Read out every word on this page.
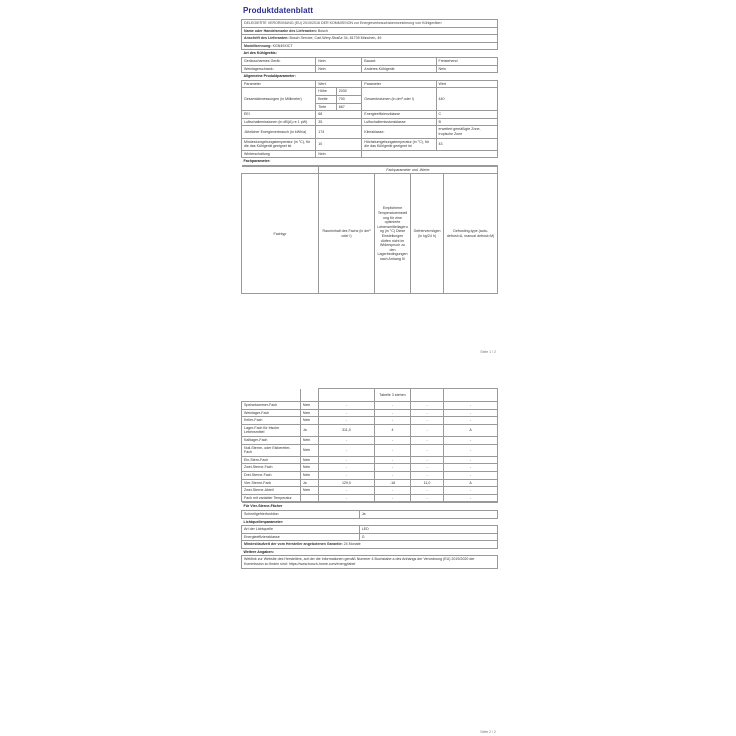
Produktdatenblatt
DELEGIERTE VERORDNUNG (EU) 2019/2016 DER KOMMISSION zur Energieverbrauchskennzeichnung von Kühlgeräten				
Name oder Handelsmarke des Lieferanten: Bosch				
Anschrift des Lieferanten: Bosch Service, Carl-Wery-Straße 34, 81739 München, 49				
Modellkennung: KGN49XICT				
Art des Kühlgeräts:				
Geräuscharmes Gerät:	Nein		Bauart:	Freistehend
Weinlagerschrank:	Nein		Anderes Kühlgerät:	Nein
Allgemeine Produktparameter:				
Parameter	Wert		Parameter	Wert
Gesamtabmessungen (in Millimeter)	Höhe	2030	Gesamtvolumen (in dm³ oder l)	440
	Breite	700		
	Tiefe	667		
EEI	68		Energieeffizienzklasse	C
Luftschallemissionen (in dB(A) re 1 pW)	35		Luftschallemissionsklasse	B
Jährlicher Energieverbrauch (in kWh/a)	174		Klimaklasse:	erweitert gemäßigte Zone, tropische Zone
Mindestumgebungstemperatur (in °C), für die das Kühlgerät geeignet ist	10		Höchstumgebungstemperatur (in °C), für die das Kühlgerät geeignet ist	43
Winterschaltung	Nein			
Fachparameter:				
	Fachparameter und -Werte			
Fachtyp	Rauminhalt des Fachs (in dm³ oder l)	Empfohlene Temperatureinstellung für eine optimierte Lebensmittellagerung (in °C) Diese Einstellungen dürfen nicht im Widerspruch zu den Lagerbedingungen nach Anhang IV	Gefriervermögen (in kg/24 h)	Defrosting-type (auto-defrost=A, manual defrost=M)
Seite 1 / 2
			Tabelle 3 stehen		
Speisekammer-Fach	Nein	-	-	-	-
Weinlager-Fach	Nein	-	-	-	-
Keller-Fach	Nein	-	-	-	-
Lager-Fach für frische Lebensmittel	Ja	311,0	4	-	A
Kaltlager-Fach	Nein	-	-	-	-
Null-Sterne- oder Eisbereiter-Fach	Nein	-	-	-	-
Ein-Stern-Fach	Nein	-	-	-	-
Zwei-Sterne-Fach	Nein	-	-	-	-
Drei-Sterne-Fach	Nein	-	-	-	-
Vier-Sterne-Fach	Ja	129,0	-18	11,0	A
Zwei-Sterne-Abteil	Nein	-	-	-	-
Fach mit variabler Temperatur		-	-	-	-
Für Vier-Sterne-Fächer	
Schnellgefrierfunktion	Ja
Lichtquellenparameter:	
Art der Lichtquelle	LED
Energieeffizienzklasse	G
Mindestlaufzeit der vom Hersteller angebotenen Garantie: 24 Monate	
Weitere Angaben:	
Weblink zur Website des Herstellers, auf der die Informationen gemäß Nummer 4 Buchstabe a des Anhangs der Verordnung (EU) 2019/2020 der Kommission zu finden sind: https://www.bosch-home.com/energylabel	
Seite 2 / 2
